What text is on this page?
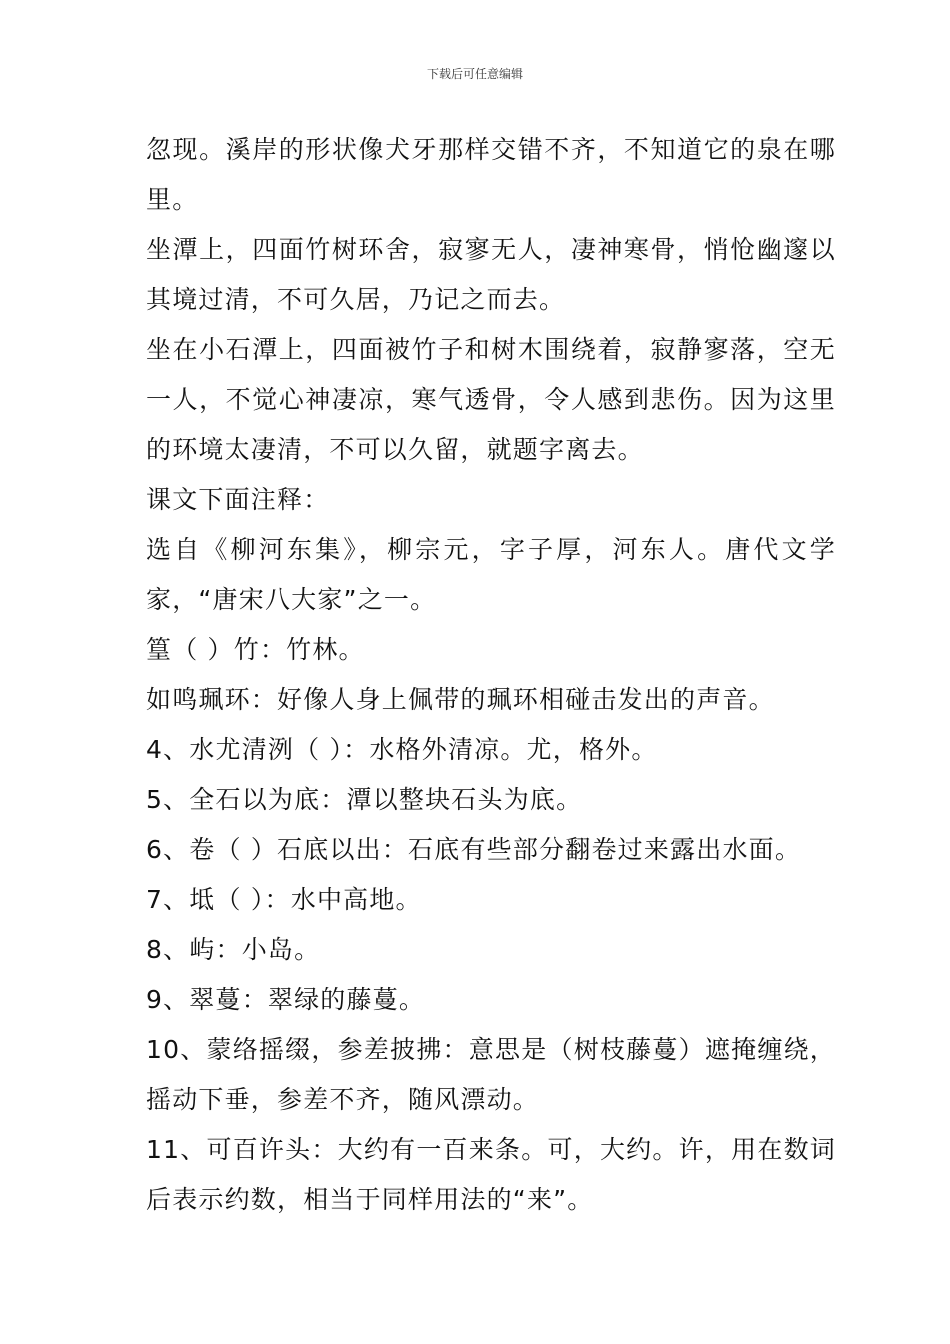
下载后可任意编辑

忽现。溪岸的形状像犬牙那样交错不齐，不知道它的泉在哪里。

坐潭上，四面竹树环舍，寂寥无人，凄神寒骨，悄怆幽邃以其境过清，不可久居，乃记之而去。

坐在小石潭上，四面被竹子和树木围绕着，寂静寥落，空无一人，不觉心神凄凉，寒气透骨，令人感到悲伤。因为这里的环境太凄清，不可以久留，就题字离去。

课文下面注释：

选自《柳河东集》，柳宗元，字子厚，河东人。唐代文学家，“唐宋八大家”之一。

篁（ ）竹：竹林。

如鸣珮环：好像人身上佩带的珮环相碰击发出的声音。

4、水尤清洌（ ）：水格外清凉。尤，格外。

5、全石以为底：潭以整块石头为底。

6、卷（ ）石底以出：石底有些部分翻卷过来露出水面。

7、坻（ ）：水中高地。

8、屿：小岛。

9、翠蔓：翠绿的藤蔓。

10、蒙络摇缀，参差披拂：意思是（树枝藤蔓）遮掩缠绕，摇动下垂，参差不齐，随风漂动。

11、可百许头：大约有一百来条。可，大约。许，用在数词后表示约数，相当于同样用法的“来”。
